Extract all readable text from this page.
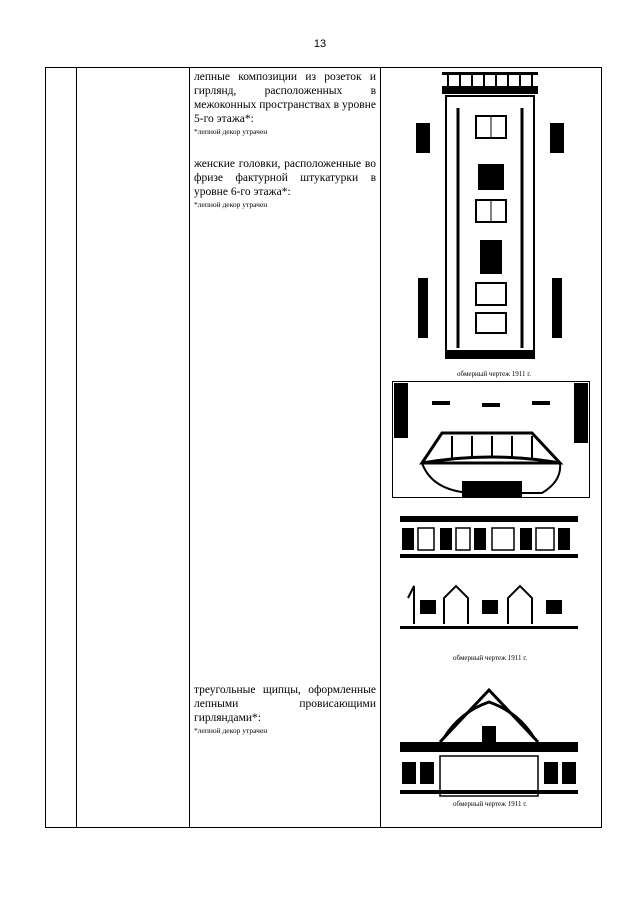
13

лепные композиции из розеток и гирлянд, расположенных в межоконных пространствах в уровне 5-го этажа*:

*лепной декор утрачен

женские головки, расположенные во фризе фактурной штукатурки в уровне 6-го этажа*:

*лепной декор утрачен

треугольные щипцы, оформленные лепными провисающими гирляндами*:

*лепной декор утрачен
обмерный чертеж 1911 г.
обмерный чертеж 1911 г.
обмерный чертеж 1911 г.
